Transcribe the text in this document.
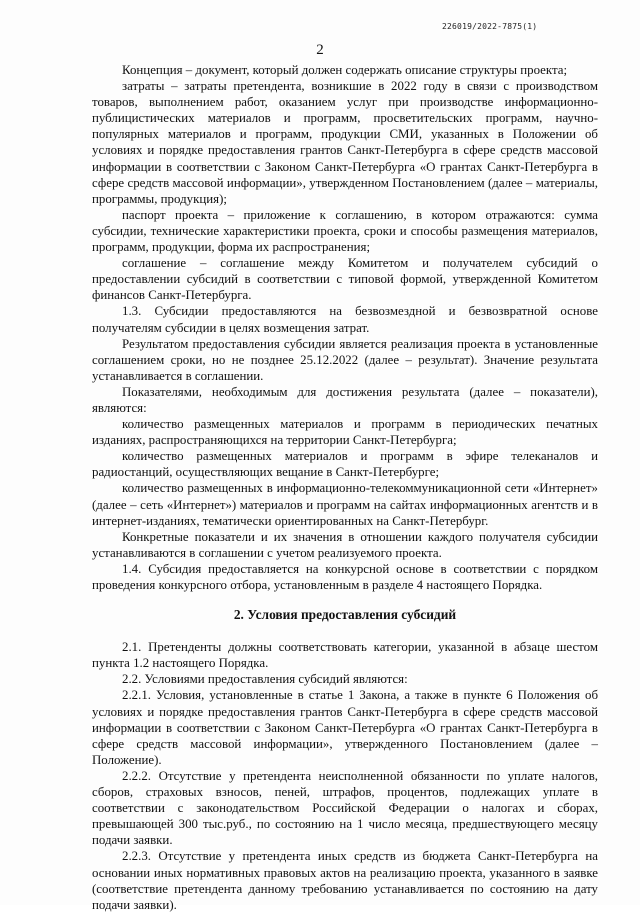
226019/2022-7875(1)
2

Концепция – документ, который должен содержать описание структуры проекта;

затраты – затраты претендента, возникшие в 2022 году в связи с производством товаров, выполнением работ, оказанием услуг при производстве информационно-публицистических материалов и программ, просветительских программ, научно-популярных материалов и программ, продукции СМИ, указанных в Положении об условиях и порядке предоставления грантов Санкт-Петербурга в сфере средств массовой информации в соответствии с Законом Санкт-Петербурга «О грантах Санкт-Петербурга в сфере средств массовой информации», утвержденном Постановлением (далее – материалы, программы, продукция);

паспорт проекта – приложение к соглашению, в котором отражаются: сумма субсидии, технические характеристики проекта, сроки и способы размещения материалов, программ, продукции, форма их распространения;

соглашение – соглашение между Комитетом и получателем субсидий о предоставлении субсидий в соответствии с типовой формой, утвержденной Комитетом финансов Санкт-Петербурга.

1.3. Субсидии предоставляются на безвозмездной и безвозвратной основе получателям субсидии в целях возмещения затрат.

Результатом предоставления субсидии является реализация проекта в установленные соглашением сроки, но не позднее 25.12.2022 (далее – результат). Значение результата устанавливается в соглашении.

Показателями, необходимым для достижения результата (далее – показатели), являются:

количество размещенных материалов и программ в периодических печатных изданиях, распространяющихся на территории Санкт-Петербурга;

количество размещенных материалов и программ в эфире телеканалов и радиостанций, осуществляющих вещание в Санкт-Петербурге;

количество размещенных в информационно-телекоммуникационной сети «Интернет» (далее – сеть «Интернет») материалов и программ на сайтах информационных агентств и в интернет-изданиях, тематически ориентированных на Санкт-Петербург.

Конкретные показатели и их значения в отношении каждого получателя субсидии устанавливаются в соглашении с учетом реализуемого проекта.

1.4. Субсидия предоставляется на конкурсной основе в соответствии с порядком проведения конкурсного отбора, установленным в разделе 4 настоящего Порядка.

2. Условия предоставления субсидий

2.1. Претенденты должны соответствовать категории, указанной в абзаце шестом пункта 1.2 настоящего Порядка.

2.2. Условиями предоставления субсидий являются:

2.2.1. Условия, установленные в статье 1 Закона, а также в пункте 6 Положения об условиях и порядке предоставления грантов Санкт-Петербурга в сфере средств массовой информации в соответствии с Законом Санкт-Петербурга «О грантах Санкт-Петербурга в сфере средств массовой информации», утвержденного Постановлением (далее – Положение).

2.2.2. Отсутствие у претендента неисполненной обязанности по уплате налогов, сборов, страховых взносов, пеней, штрафов, процентов, подлежащих уплате в соответствии с законодательством Российской Федерации о налогах и сборах, превышающей 300 тыс.руб., по состоянию на 1 число месяца, предшествующего месяцу подачи заявки.

2.2.3. Отсутствие у претендента иных средств из бюджета Санкт-Петербурга на основании иных нормативных правовых актов на реализацию проекта, указанного в заявке (соответствие претендента данному требованию устанавливается по состоянию на дату подачи заявки).
